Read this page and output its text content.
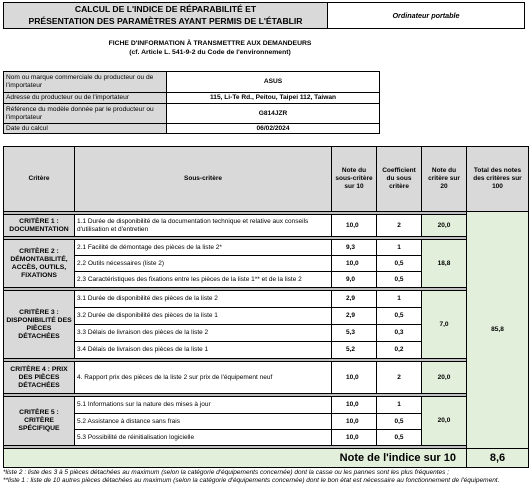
CALCUL DE L'INDICE DE RÉPARABILITÉ ET
PRÉSENTATION DES PARAMÈTRES AYANT PERMIS DE L'ÉTABLIR	Ordinateur portable
FICHE D'INFORMATION À TRANSMETTRE AUX DEMANDEURS
(cf. Article L. 541-9-2 du Code de l'environnement)
Nom ou marque commerciale du producteur ou de l'importateur	ASUS
Adresse du producteur ou de l'importateur	115, Li-Te Rd., Peitou, Taipei 112, Taiwan
Référence du modèle donnée par le producteur ou l'importateur	G814JZR
Date du calcul	06/02/2024
Critère	Sous-critère	Note du sous-critère sur 10	Coefficient du sous critère	Note du critère sur 20	Total des notes des critères sur 100
					85,8
CRITÈRE 1 : DOCUMENTATION	1.1 Durée de disponibilité de la documentation technique et relative aux conseils d'utilisation et d'entretien	10,0	2	20,0	

CRITÈRE 2 : DÉMONTABILITÉ, ACCÈS, OUTILS, FIXATIONS	2.1 Facilité de démontage des pièces de la liste 2*	9,3	1	18,8	
	2.2 Outils nécessaires (liste 2)	10,0	0,5		
	2.3 Caractéristiques des fixations entre les pièces de la liste 1** et de la liste 2	9,0	0,5		

CRITÈRE 3 : DISPONIBILITÉ DES PIÈCES DÉTACHÉES	3.1 Durée de disponibilité des pièces de la liste 2	2,9	1	7,0	
	3.2 Durée de disponibilité des pièces de la liste 1	2,9	0,5		
	3.3 Délais de livraison des pièces de la liste 2	5,3	0,3		
	3.4 Délais de livraison des pièces de la liste 1	5,2	0,2		

CRITÈRE 4 : PRIX DES PIÈCES DÉTACHÉES	4. Rapport prix des pièces de la liste 2 sur prix de l'équipement neuf	10,0	2	20,0	

CRITÈRE 5 : CRITÈRE SPÉCIFIQUE	5.1 Informations sur la nature des mises à jour	10,0	1	20,0	
	5.2 Assistance à distance sans frais	10,0	0,5		
	5.3 Possibilité de réinitialisation logicielle	10,0	0,5		

Note de l'indice sur 10					8,6
*liste 2 : liste des 3 à 5 pièces détachées au maximum (selon la catégorie d'équipements concernée) dont la casse ou les pannes sont les plus fréquentes ;
**liste 1 : liste de 10 autres pièces détachées au maximum (selon la catégorie d'équipements concernée) dont le bon état est nécessaire au fonctionnement de l'équipement.
